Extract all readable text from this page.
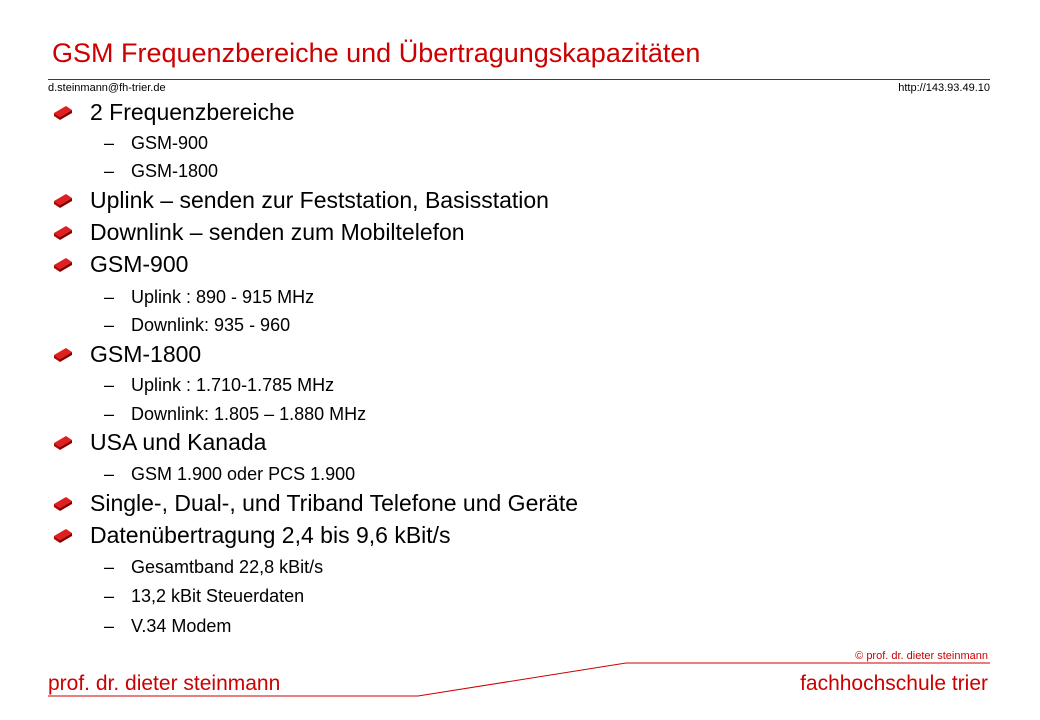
GSM Frequenzbereiche und Übertragungskapazitäten
d.steinmann@fh-trier.de	http://143.93.49.10
2 Frequenzbereiche
– GSM-900
– GSM-1800
Uplink – senden zur Feststation, Basisstation
Downlink – senden zum Mobiltelefon
GSM-900
– Uplink : 890 - 915 MHz
– Downlink: 935 - 960
GSM-1800
– Uplink : 1.710-1.785 MHz
– Downlink: 1.805 – 1.880 MHz
USA und Kanada
– GSM 1.900 oder PCS 1.900
Single-, Dual-, und Triband Telefone und Geräte
Datenübertragung 2,4 bis 9,6 kBit/s
– Gesamtband 22,8 kBit/s
– 13,2 kBit Steuerdaten
– V.34 Modem
© prof. dr. dieter steinmann
prof. dr. dieter steinmann	fachhochschule trier
